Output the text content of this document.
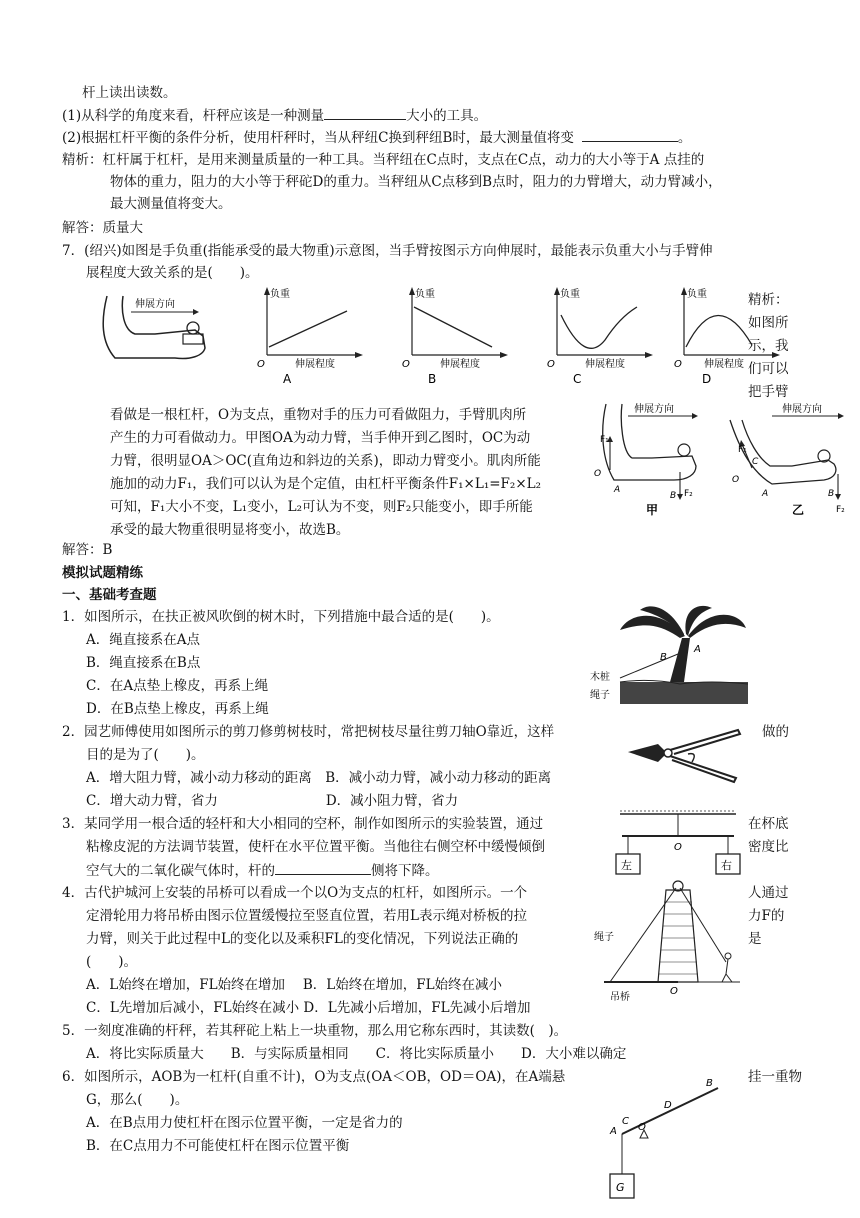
杆上读出读数。
(1)从科学的角度来看，杆秤应该是一种测量	大小的工具。
(2)根据杠杆平衡的条件分析，使用杆秤时，当从秤纽C换到秤纽B时，最大测量值将变	。
精析：杠杆属于杠杆，是用来测量质量的一种工具。当秤纽在C点时，支点在C点，动力的大小等于A 点挂的
物体的重力，阻力的大小等于秤砣D的重力。当秤纽从C点移到B点时，阻力的力臂增大，动力臂减小，
最大测量值将变大。
解答：质量大
7．(绍兴)如图是手负重(指能承受的最大物重)示意图，当手臂按图示方向伸展时，最能表示负重大小与手臂伸
展程度大致关系的是(　　)。
伸展方向
负重
伸展程度
O
A
负重
伸展程度
O
B
负重
伸展程度
O
C
负重
伸展程度
O
D
精析：
如图所
示，我
们可以
把手臂
看做是一根杠杆，O为支点，重物对手的压力可看做阻力，手臂肌肉所
产生的力可看做动力。甲图OA为动力臂，当手伸开到乙图时，OC为动
力臂，很明显OA＞OC(直角边和斜边的关系)，即动力臂变小。肌肉所能
施加的动力F₁，我们可以认为是个定值，由杠杆平衡条件F₁×L₁=F₂×L₂
可知，F₁大小不变，L₁变小，L₂可认为不变，则F₂只能变小，即手所能
承受的最大物重很明显将变小，故选B。
伸展方向
F₁
F₂
O
A
B
甲
伸展方向
F₁
C
F₂
O
A	B
乙
解答：B
模拟试题精练
一、基础考查题
1．如图所示，在扶正被风吹倒的树木时，下列措施中最合适的是(　　)。
A．绳直接系在A点
B．绳直接系在B点
C．在A点垫上橡皮，再系上绳
D．在B点垫上橡皮，再系上绳
A
B
木桩
绳子
2．园艺师傅使用如图所示的剪刀修剪树枝时，常把树枝尽量往剪刀轴O靠近，这样	做的
目的是为了(　　)。
A．增大阻力臂，减小动力移动的距离　B．减小动力臂，减小动力移动的距离
C．增大动力臂，省力　　　　　　　　D．减小阻力臂，省力
3．某同学用一根合适的轻杆和大小相同的空杯，制作如图所示的实验装置，通过	在杯底
粘橡皮泥的方法调节装置，使杆在水平位置平衡。当他往右侧空杯中缓慢倾倒	密度比
空气大的二氧化碳气体时，杆的	侧将下降。
O
左	右
4．古代护城河上安装的吊桥可以看成一个以O为支点的杠杆，如图所示。一个	人通过
定滑轮用力将吊桥由图示位置缓慢拉至竖直位置，若用L表示绳对桥板的拉	力F的
力臂，则关于此过程中L的变化以及乘积FL的变化情况，下列说法正确的	是
(　　)。
A．L始终在增加，FL始终在增加　 B．L始终在增加，FL始终在减小
C．L先增加后减小，FL始终在减小 D．L先减小后增加，FL先减小后增加
O
绳子
吊桥
5．一刻度准确的杆秤，若其秤砣上粘上一块重物，那么用它称东西时，其读数(　)。
A．将比实际质量大　　B．与实际质量相同　　C．将比实际质量小　　D．大小难以确定
6．如图所示，AOB为一杠杆(自重不计)，O为支点(OA＜OB，OD＝OA)，在A端悬	挂一重物
G，那么(　　)。
A．在B点用力使杠杆在图示位置平衡，一定是省力的
B．在C点用力不可能使杠杆在图示位置平衡
B
D
C
A O
G
